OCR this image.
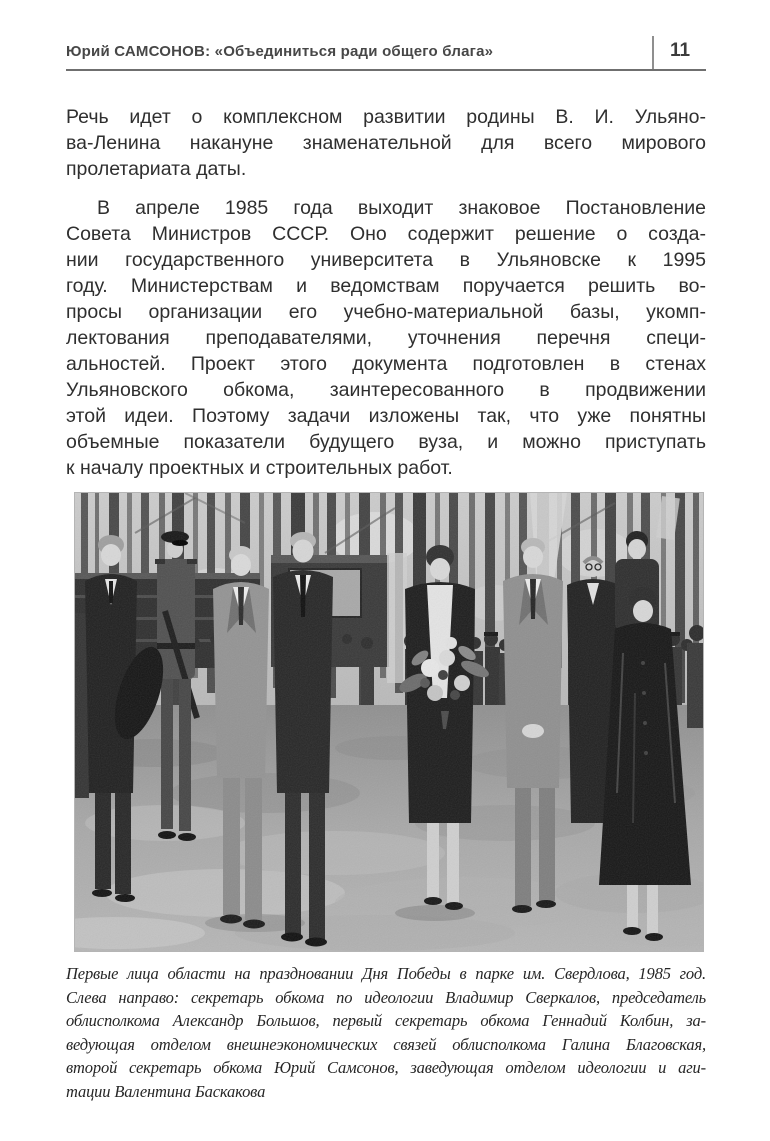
Юрий САМСОНОВ: «Объединиться ради общего блага»	11
Речь идет о комплексном развитии родины В. И. Ульяно-
ва-Ленина накануне знаменательной для всего мирового
пролетариата даты.
В апреле 1985 года выходит знаковое Постановление
Совета Министров СССР. Оно содержит решение о созда-
нии государственного университета в Ульяновске к 1995
году. Министерствам и ведомствам поручается решить во-
просы организации его учебно-материальной базы, укомп-
лектования преподавателями, уточнения перечня специ-
альностей. Проект этого документа подготовлен в стенах
Ульяновского обкома, заинтересованного в продвижении
этой идеи. Поэтому задачи изложены так, что уже понятны
объемные показатели будущего вуза, и можно приступать
к началу проектных и строительных работ.
Первые лица области на праздновании Дня Победы в парке им. Свердлова, 1985 год.
Слева направо: секретарь обкома по идеологии Владимир Сверкалов, председатель
облисполкома Александр Большов, первый секретарь обкома Геннадий Колбин, за-
ведующая отделом внешнеэкономических связей облисполкома Галина Благовская,
второй секретарь обкома Юрий Самсонов, заведующая отделом идеологии и аги-
тации Валентина Баскакова
